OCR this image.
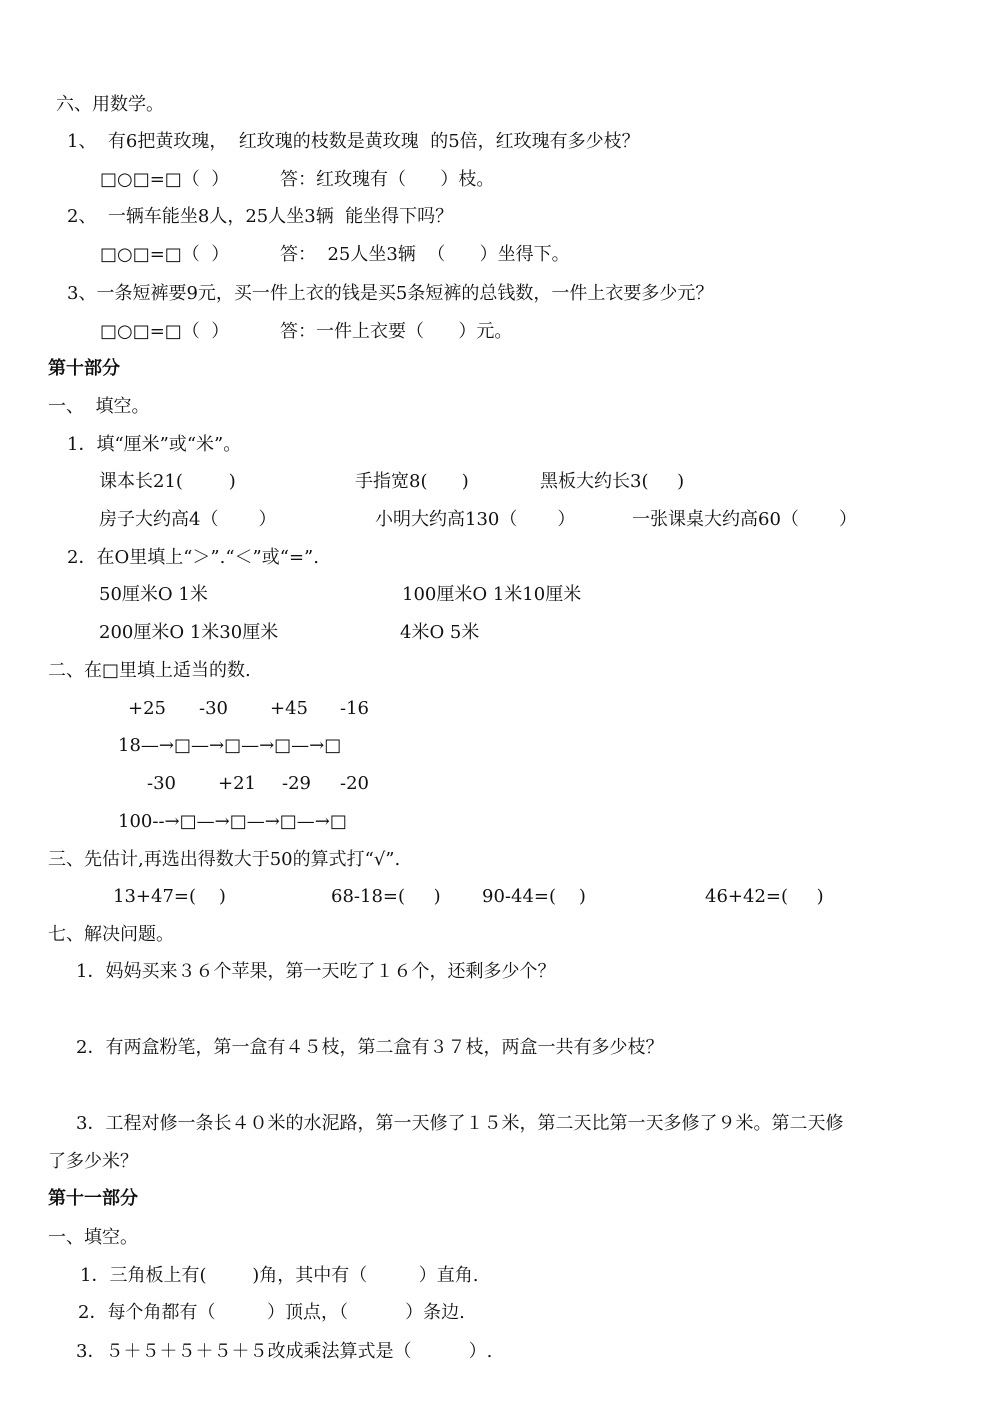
六、用数学。
1、  有6把黄玫瑰，  红玫瑰的枝数是黄玫瑰  的5倍，红玫瑰有多少枝？
□○□=□（  ）	答：红玫瑰有（      ）枝。
2、  一辆车能坐8人，25人坐3辆  能坐得下吗？
□○□=□（  ）	答：  25人坐3辆  （      ）坐得下。
3、一条短裤要9元，买一件上衣的钱是买5条短裤的总钱数，一件上衣要多少元？
□○□=□（  ）	答：一件上衣要（      ）元。
第十部分
一、  填空。
1．填“厘米”或“米”。
课本长21(        )	手指宽8(      )	黑板大约长3(     )
房子大约高4（       ）	小明大约高130（       ）	一张课桌大约高60（       ）
2．在O里填上“＞”.“＜”或“=”.
50厘米O 1米	100厘米O 1米10厘米
200厘米O 1米30厘米	4米O 5米
二、在□里填上适当的数.
+25 -30 +45 -16
18—→□—→□—→□—→□
-30 +21 -29 -20
100--→□—→□—→□—→□
三、先估计,再选出得数大于50的算式打“√”.
13+47=(    )	68-18=(     ) 90-44=(    )	46+42=(     )
七、解决问题。
1．妈妈买来３６个苹果，第一天吃了１６个，还剩多少个？
2．有两盒粉笔，第一盒有４５枝，第二盒有３７枝，两盒一共有多少枝？
3．工程对修一条长４０米的水泥路，第一天修了１５米，第二天比第一天多修了９米。第二天修
了多少米？
第十一部分
一、填空。
1．三角板上有(        )角，其中有（         ）直角.
2．每个角都有（         ）顶点，（          ）条边.
3．５＋５＋５＋５＋５改成乘法算式是（          ）.
